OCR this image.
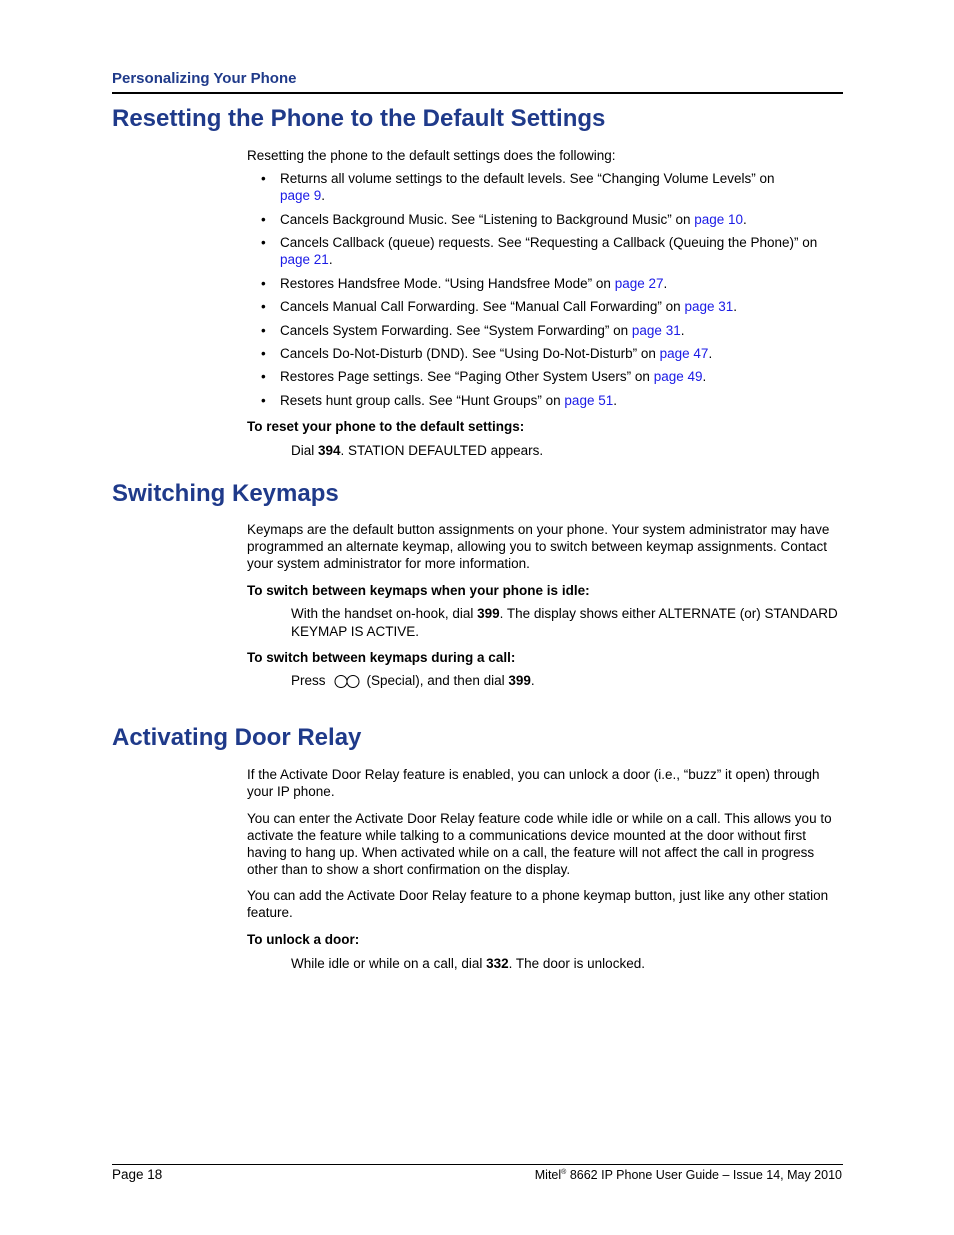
Personalizing Your Phone
Resetting the Phone to the Default Settings
Resetting the phone to the default settings does the following:
• Returns all volume settings to the default levels. See “Changing Volume Levels” on
page 9.
• Cancels Background Music. See “Listening to Background Music” on page 10.
• Cancels Callback (queue) requests. See “Requesting a Callback (Queuing the Phone)” on
page 21.
• Restores Handsfree Mode. “Using Handsfree Mode” on page 27.
• Cancels Manual Call Forwarding. See “Manual Call Forwarding” on page 31.
• Cancels System Forwarding. See “System Forwarding” on page 31.
• Cancels Do-Not-Disturb (DND). See “Using Do-Not-Disturb” on page 47.
• Restores Page settings. See “Paging Other System Users” on page 49.
• Resets hunt group calls. See “Hunt Groups” on page 51.
To reset your phone to the default settings:
Dial 394. STATION DEFAULTED appears.
Switching Keymaps
Keymaps are the default button assignments on your phone. Your system administrator may have programmed an alternate keymap, allowing you to switch between keymap assignments. Contact your system administrator for more information.
To switch between keymaps when your phone is idle:
With the handset on-hook, dial 399. The display shows either ALTERNATE (or) STANDARD KEYMAP IS ACTIVE.
To switch between keymaps during a call:
Press	(Special), and then dial 399.
Activating Door Relay
If the Activate Door Relay feature is enabled, you can unlock a door (i.e., “buzz” it open) through your IP phone.
You can enter the Activate Door Relay feature code while idle or while on a call. This allows you to activate the feature while talking to a communications device mounted at the door without first having to hang up. When activated while on a call, the feature will not affect the call in progress other than to show a short confirmation on the display.
You can add the Activate Door Relay feature to a phone keymap button, just like any other station feature.
To unlock a door:
While idle or while on a call, dial 332. The door is unlocked.
Page 18	Mitel® 8662 IP Phone User Guide – Issue 14, May 2010
